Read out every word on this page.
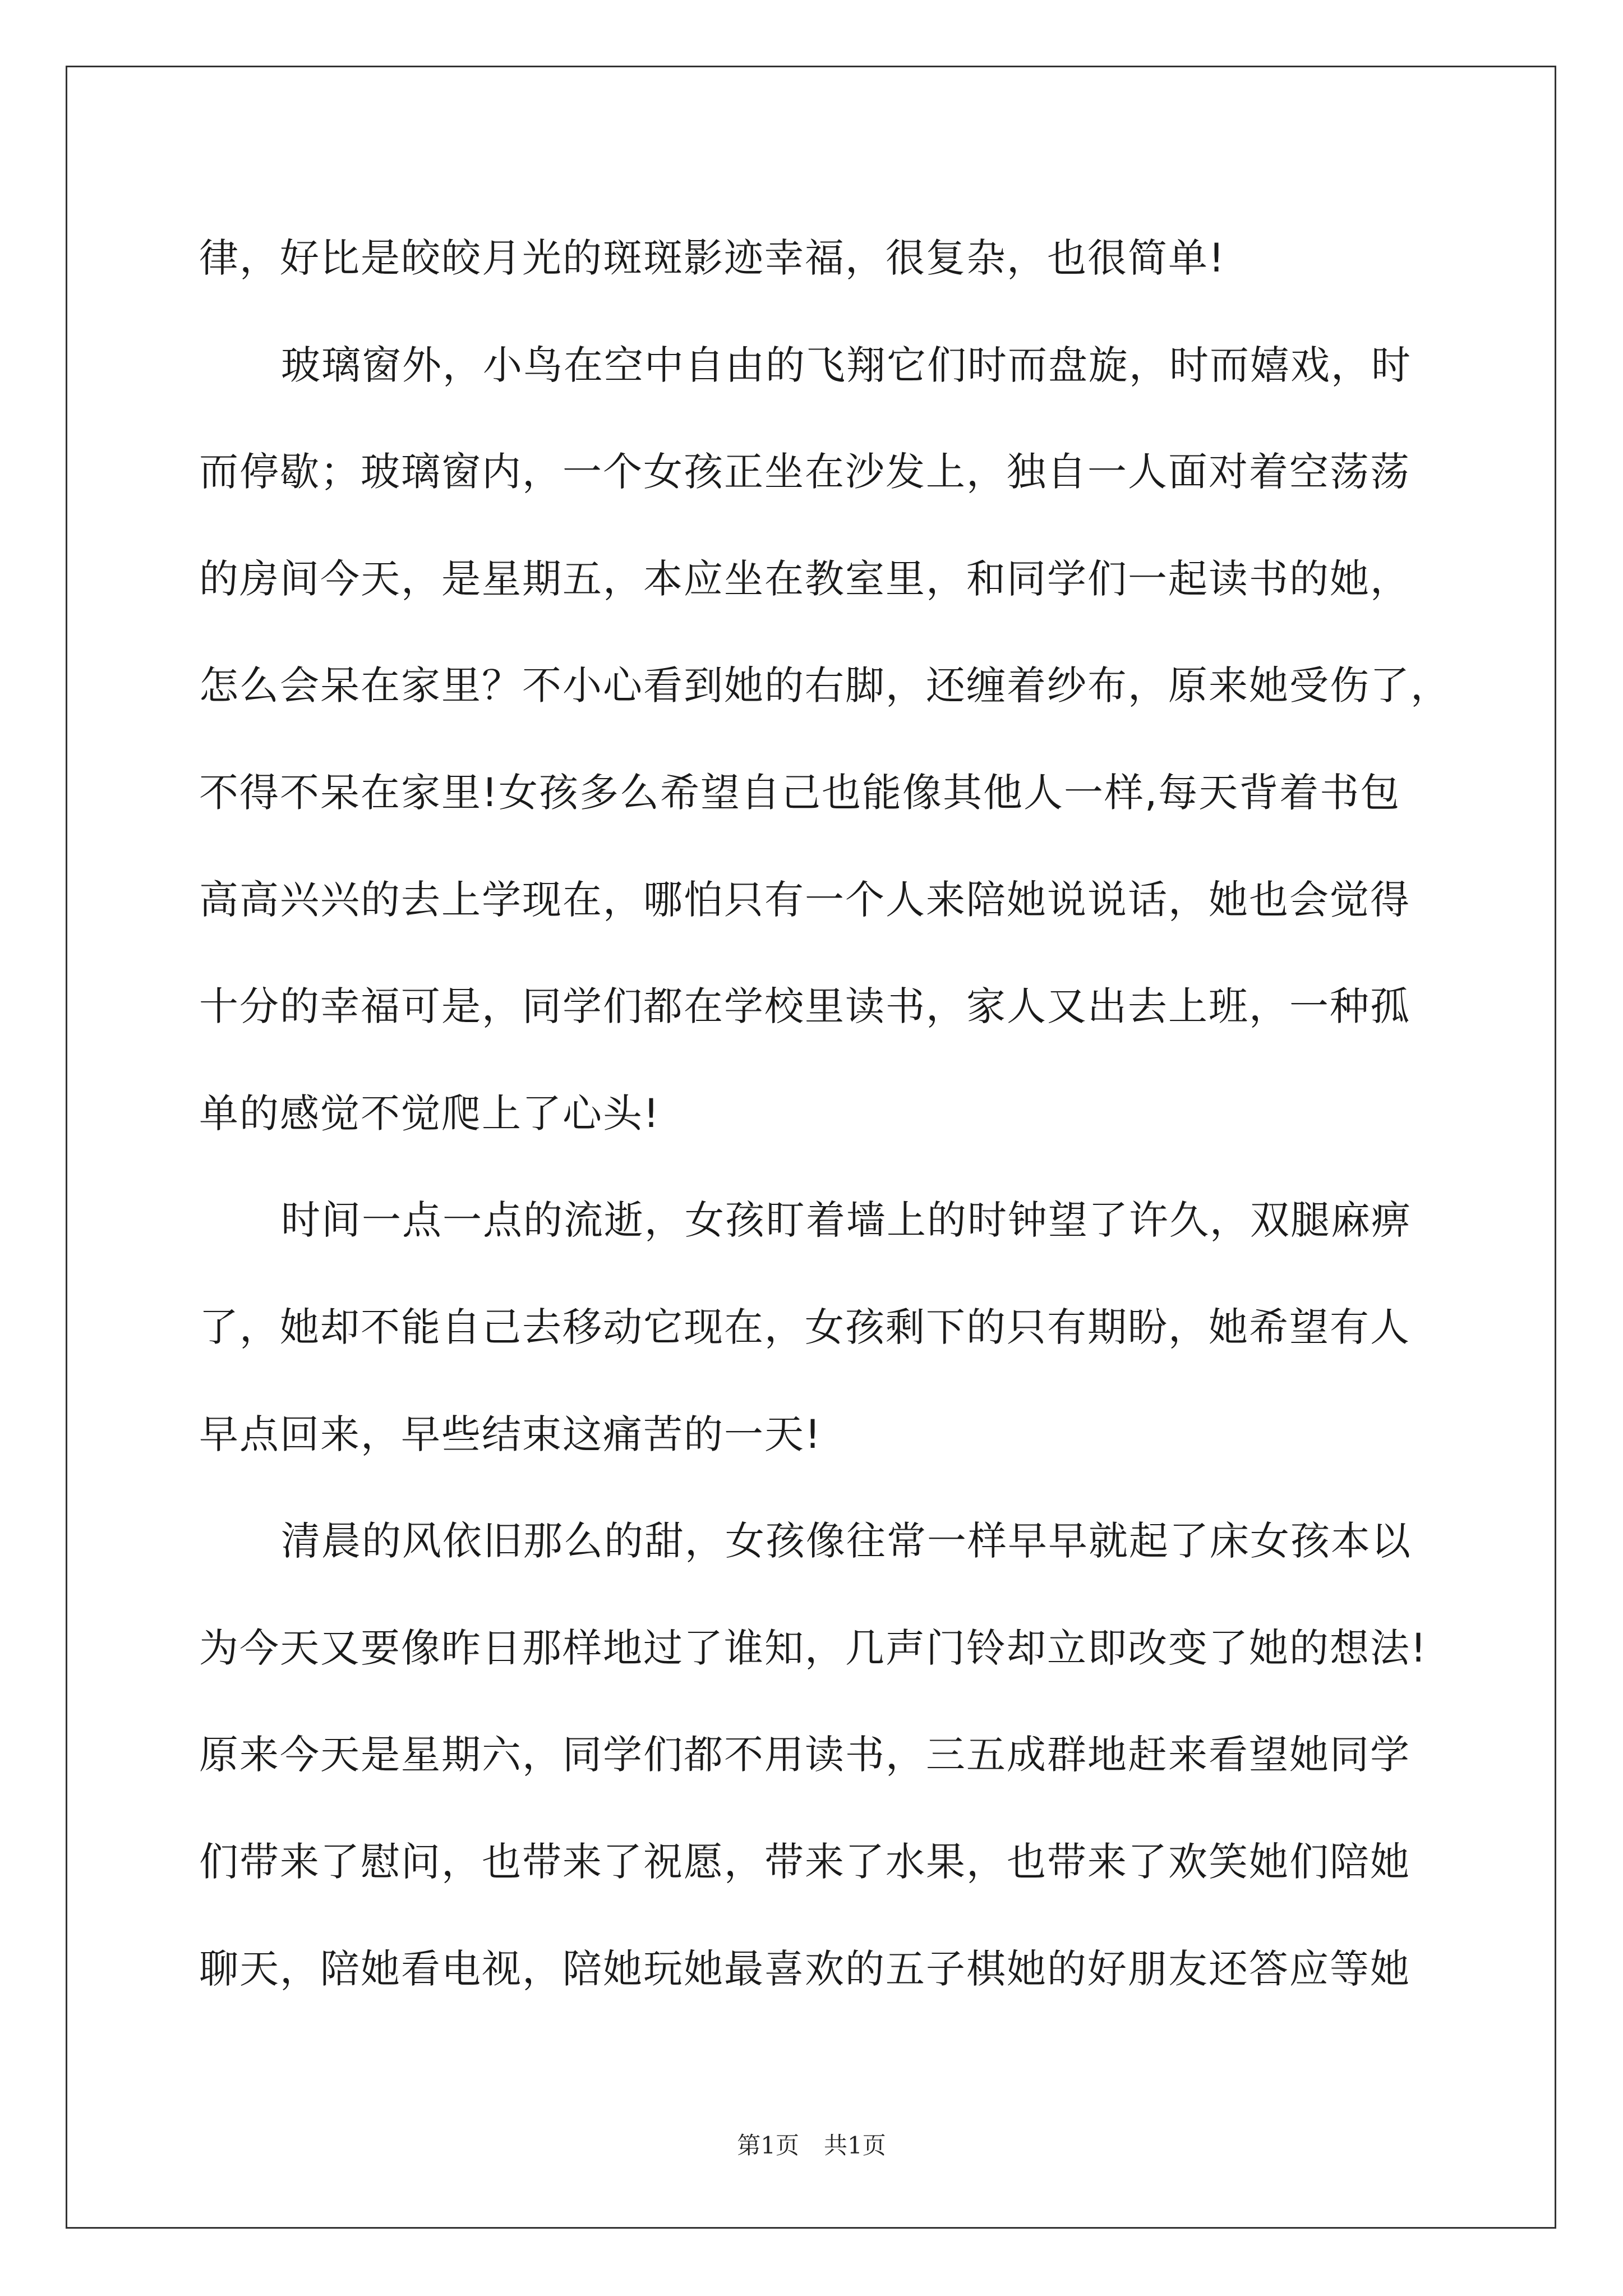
律，好比是皎皎月光的斑斑影迹幸福，很复杂，也很简单!
玻璃窗外，小鸟在空中自由的飞翔它们时而盘旋，时而嬉戏，时
而停歇；玻璃窗内，一个女孩正坐在沙发上，独自一人面对着空荡荡
的房间今天，是星期五，本应坐在教室里，和同学们一起读书的她，
怎么会呆在家里？不小心看到她的右脚，还缠着纱布，原来她受伤了，
不得不呆在家里!女孩多么希望自己也能像其他人一样,每天背着书包
高高兴兴的去上学现在，哪怕只有一个人来陪她说说话，她也会觉得
十分的幸福可是，同学们都在学校里读书，家人又出去上班，一种孤
单的感觉不觉爬上了心头!
时间一点一点的流逝，女孩盯着墙上的时钟望了许久，双腿麻痹
了，她却不能自己去移动它现在，女孩剩下的只有期盼，她希望有人
早点回来，早些结束这痛苦的一天!
清晨的风依旧那么的甜，女孩像往常一样早早就起了床女孩本以
为今天又要像昨日那样地过了谁知，几声门铃却立即改变了她的想法!
原来今天是星期六，同学们都不用读书，三五成群地赶来看望她同学
们带来了慰问，也带来了祝愿，带来了水果，也带来了欢笑她们陪她
聊天，陪她看电视，陪她玩她最喜欢的五子棋她的好朋友还答应等她
第1页 共1页
